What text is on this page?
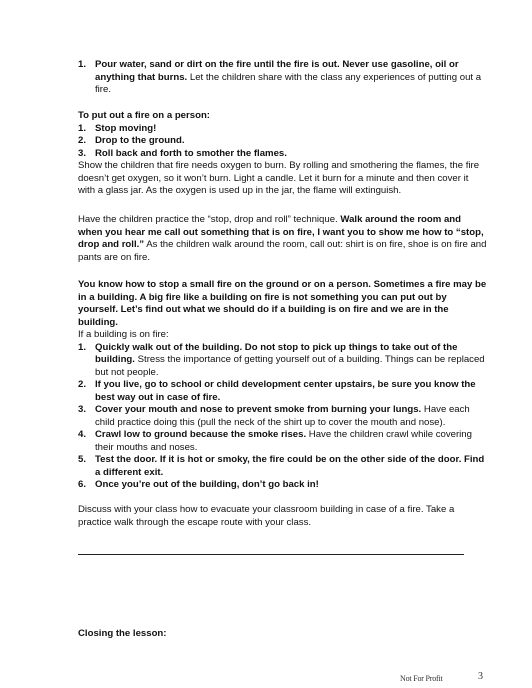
1. Pour water, sand or dirt on the fire until the fire is out. Never use gasoline, oil or anything that burns. Let the children share with the class any experiences of putting out a fire.
To put out a fire on a person:
1. Stop moving!
2. Drop to the ground.
3. Roll back and forth to smother the flames.
Show the children that fire needs oxygen to burn. By rolling and smothering the flames, the fire doesn’t get oxygen, so it won’t burn. Light a candle. Let it burn for a minute and then cover it with a glass jar. As the oxygen is used up in the jar, the flame will extinguish.
Have the children practice the “stop, drop and roll” technique. Walk around the room and when you hear me call out something that is on fire, I want you to show me how to “stop, drop and roll.” As the children walk around the room, call out: shirt is on fire, shoe is on fire and pants are on fire.
You know how to stop a small fire on the ground or on a person. Sometimes a fire may be in a building. A big fire like a building on fire is not something you can put out by yourself. Let’s find out what we should do if a building is on fire and we are in the building.
If a building is on fire:
1. Quickly walk out of the building. Do not stop to pick up things to take out of the building. Stress the importance of getting yourself out of a building. Things can be replaced but not people.
2. If you live, go to school or child development center upstairs, be sure you know the best way out in case of fire.
3. Cover your mouth and nose to prevent smoke from burning your lungs. Have each child practice doing this (pull the neck of the shirt up to cover the mouth and nose).
4. Crawl low to ground because the smoke rises. Have the children crawl while covering their mouths and noses.
5. Test the door. If it is hot or smoky, the fire could be on the other side of the door. Find a different exit.
6. Once you’re out of the building, don’t go back in!
Discuss with your class how to evacuate your classroom building in case of a fire. Take a practice walk through the escape route with your class.
Closing the lesson:
Not For Profit	3
